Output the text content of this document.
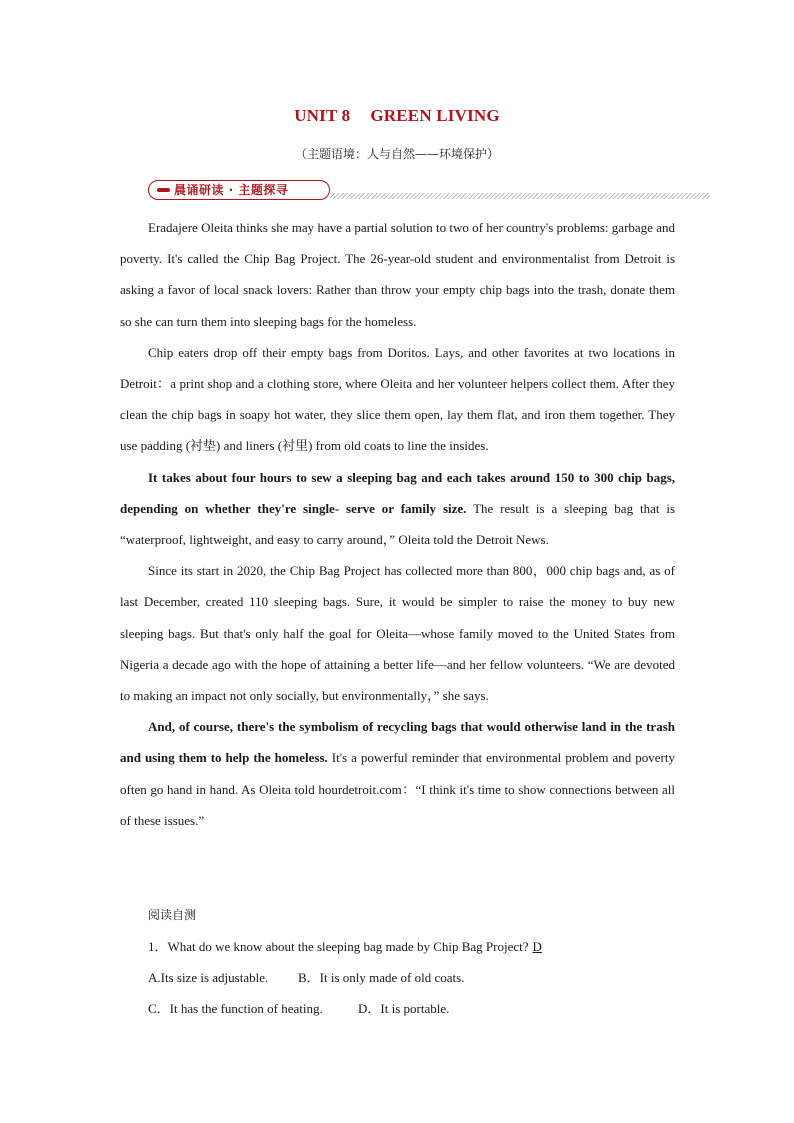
UNIT 8 GREEN LIVING
（主题语境：人与自然——环境保护）
晨诵研读 · 主题探寻

Eradajere Oleita thinks she may have a partial solution to two of her country's problems: garbage and poverty. It's called the Chip Bag Project. The 26-year-old student and environmentalist from Detroit is asking a favor of local snack lovers: Rather than throw your empty chip bags into the trash, donate them so she can turn them into sleeping bags for the homeless.

Chip eaters drop off their empty bags from Doritos. Lays, and other favorites at two locations in Detroit：a print shop and a clothing store, where Oleita and her volunteer helpers collect them. After they clean the chip bags in soapy hot water, they slice them open, lay them flat, and iron them together. They use padding (衬垫) and liners (衬里) from old coats to line the insides.

It takes about four hours to sew a sleeping bag and each takes around 150 to 300 chip bags, depending on whether they're single- serve or family size. The result is a sleeping bag that is “waterproof, lightweight, and easy to carry around，” Oleita told the Detroit News.

Since its start in 2020, the Chip Bag Project has collected more than 800，000 chip bags and, as of last December, created 110 sleeping bags. Sure, it would be simpler to raise the money to buy new sleeping bags. But that's only half the goal for Oleita—whose family moved to the United States from Nigeria a decade ago with the hope of attaining a better life—and her fellow volunteers. “We are devoted to making an impact not only socially, but environmentally，” she says.

And, of course, there's the symbolism of recycling bags that would otherwise land in the trash and using them to help the homeless. It's a powerful reminder that environmental problem and poverty often go hand in hand. As Oleita told hourdetroit.com：“I think it's time to show connections between all of these issues.”

阅读自测
1．What do we know about the sleeping bag made by Chip Bag Project? D
A.Its size is adjustable.	B．It is only made of old coats.
C．It has the function of heating.	D．It is portable.
